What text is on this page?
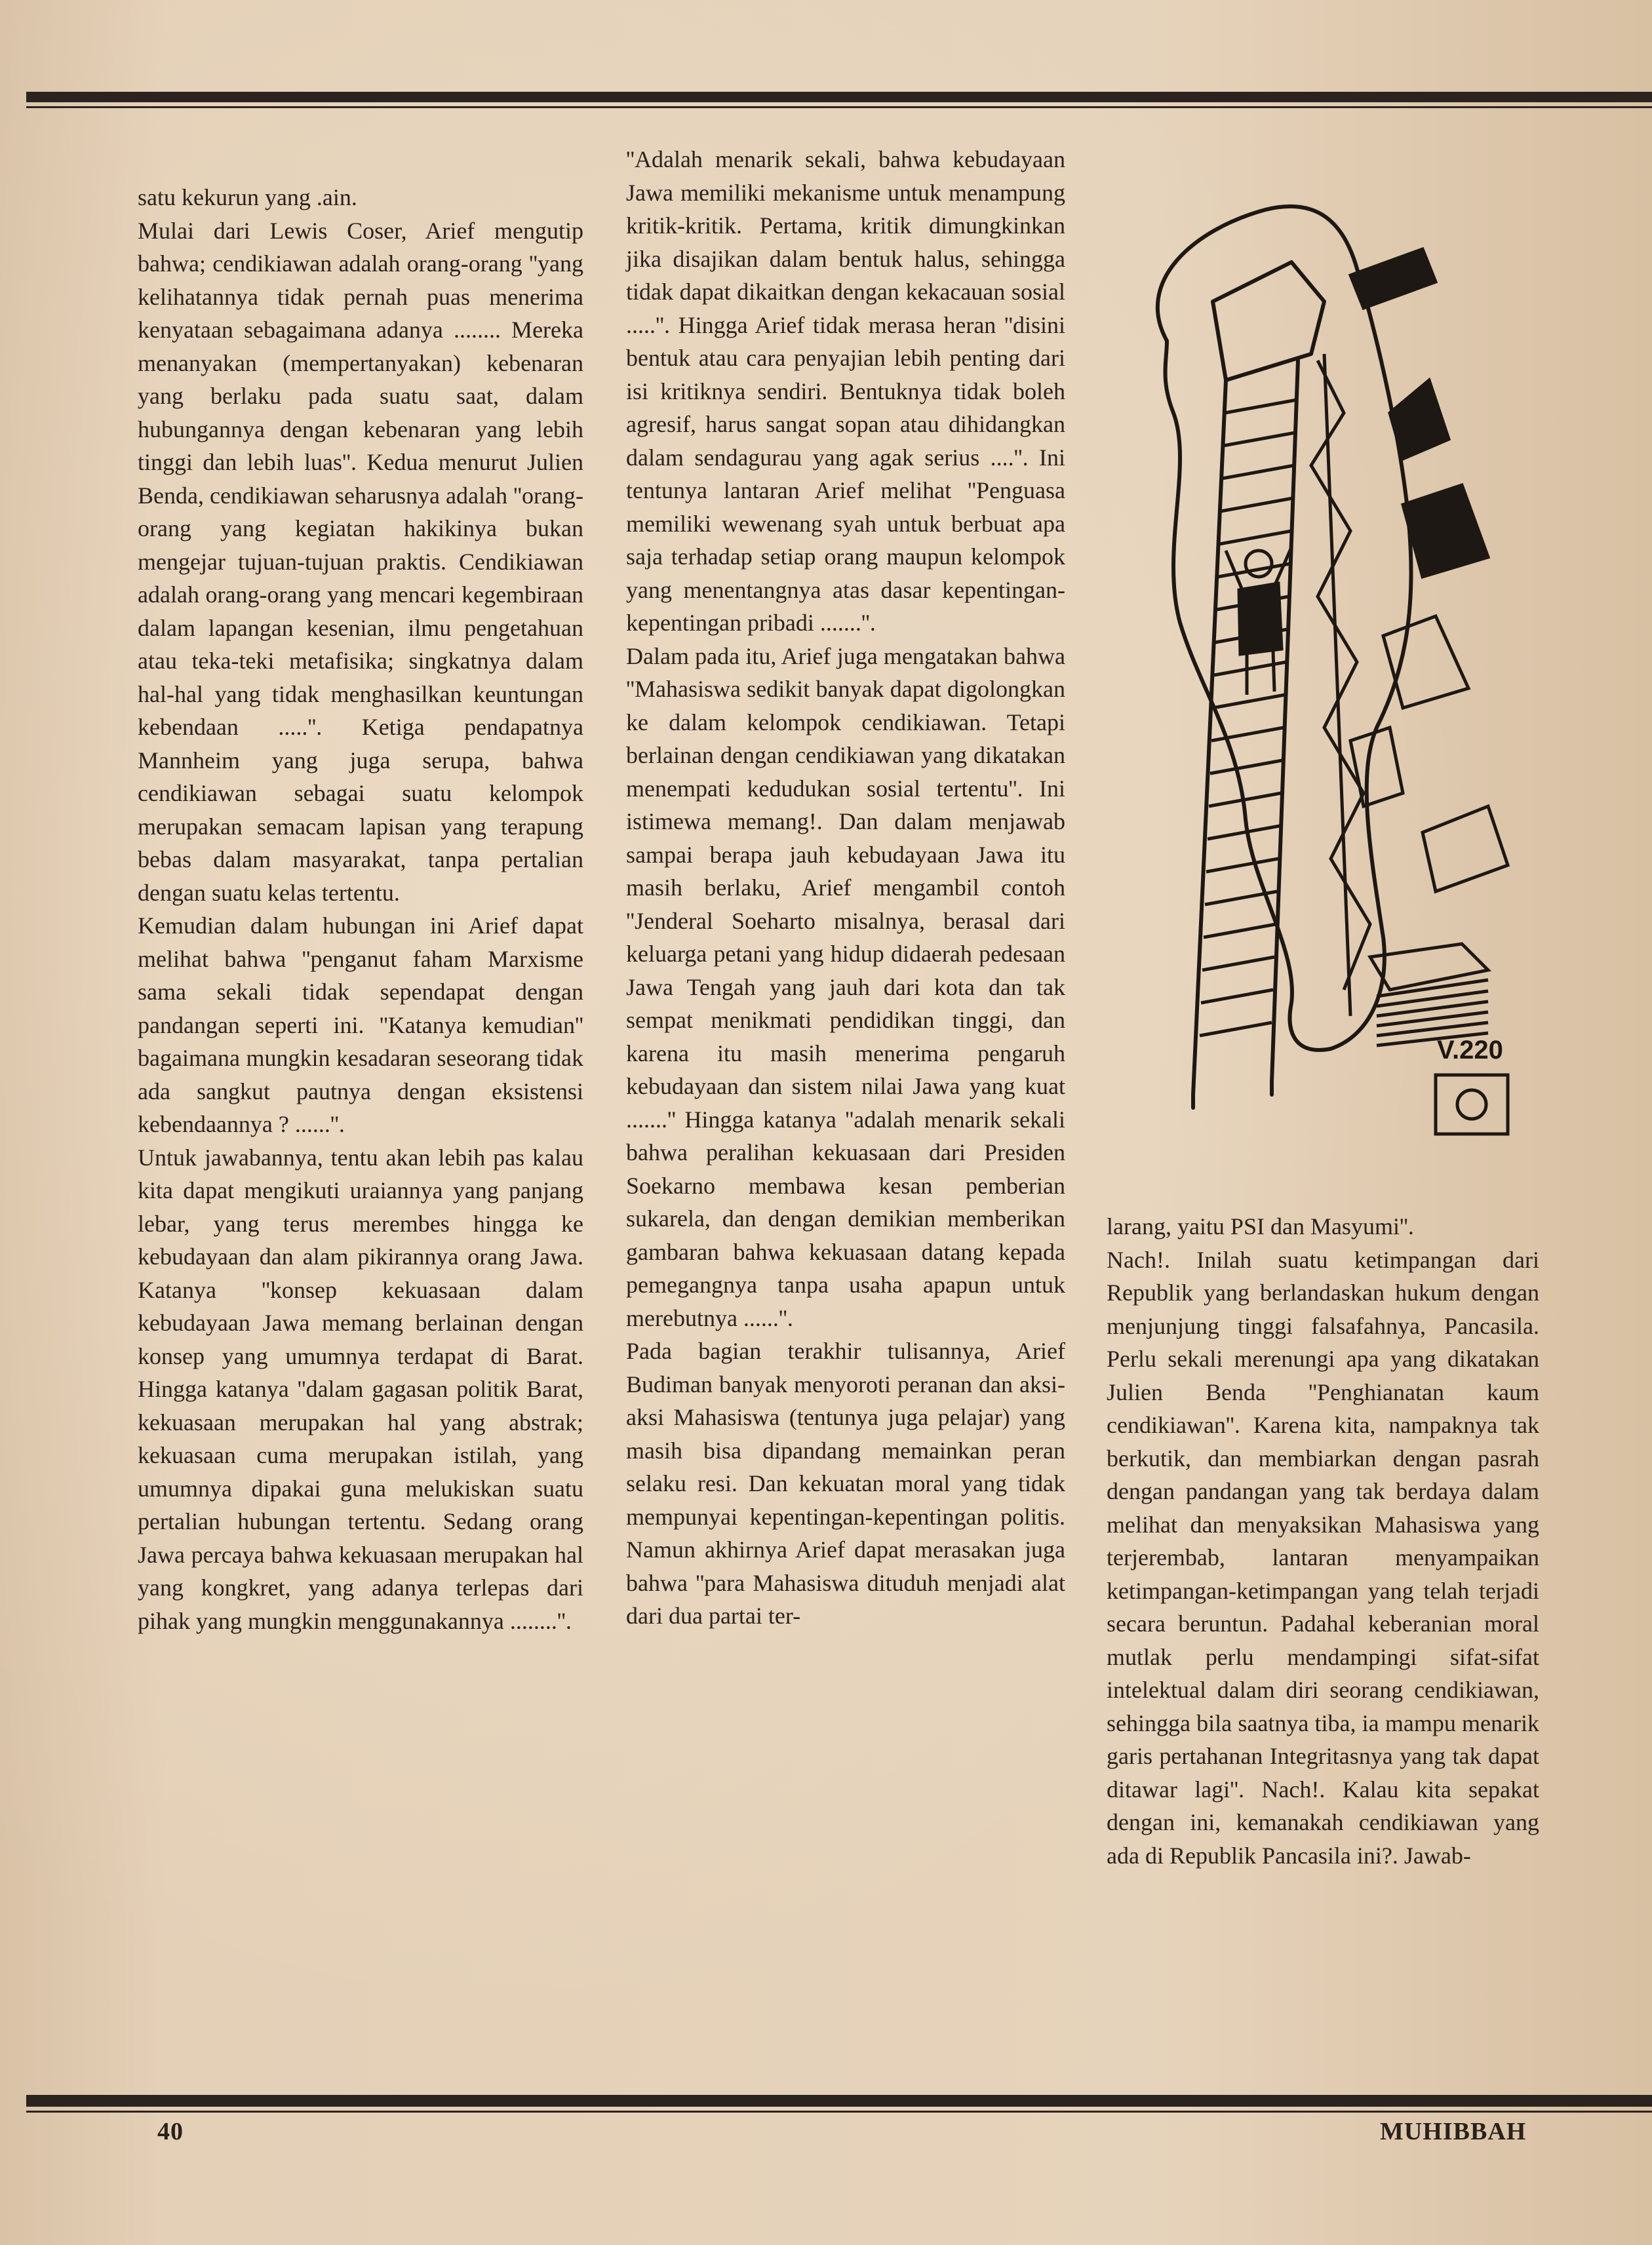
satu kekurun yang .ain.

Mulai dari Lewis Coser, Arief mengutip bahwa; cendikiawan adalah orang-orang ''yang kelihatannya tidak pernah puas menerima kenyataan sebagaimana adanya ........ Mereka menanyakan (mempertanyakan) kebenaran yang berlaku pada suatu saat, dalam hubungannya dengan kebenaran yang lebih tinggi dan lebih luas''. Kedua menurut Julien Benda, cendikiawan seharusnya adalah ''orang-orang yang kegiatan hakikinya bukan mengejar tujuan-tujuan praktis. Cendikiawan adalah orang-orang yang mencari kegembiraan dalam lapangan kesenian, ilmu pengetahuan atau teka-teki metafisika; singkatnya dalam hal-hal yang tidak menghasilkan keuntungan kebendaan .....''. Ketiga pendapatnya Mannheim yang juga serupa, bahwa cendikiawan sebagai suatu kelompok merupakan semacam lapisan yang terapung bebas dalam masyarakat, tanpa pertalian dengan suatu kelas tertentu.

Kemudian dalam hubungan ini Arief dapat melihat bahwa ''penganut faham Marxisme sama sekali tidak sependapat dengan pandangan seperti ini. ''Katanya kemudian'' bagaimana mungkin kesadaran seseorang tidak ada sangkut pautnya dengan eksistensi kebendaannya ? ......''.

Untuk jawabannya, tentu akan lebih pas kalau kita dapat mengikuti uraiannya yang panjang lebar, yang terus merembes hingga ke kebudayaan dan alam pikirannya orang Jawa. Katanya ''konsep kekuasaan dalam kebudayaan Jawa memang berlainan dengan konsep yang umumnya terdapat di Barat. Hingga katanya ''dalam gagasan politik Barat, kekuasaan merupakan hal yang abstrak; kekuasaan cuma merupakan istilah, yang umumnya dipakai guna melukiskan suatu pertalian hubungan tertentu. Sedang orang Jawa percaya bahwa kekuasaan merupakan hal yang kongkret, yang adanya terlepas dari pihak yang mungkin menggunakannya ........''.

''Adalah menarik sekali, bahwa kebudayaan Jawa memiliki mekanisme untuk menampung kritik-kritik. Pertama, kritik dimungkinkan jika disajikan dalam bentuk halus, sehingga tidak dapat dikaitkan dengan kekacauan sosial .....''. Hingga Arief tidak merasa heran ''disini bentuk atau cara penyajian lebih penting dari isi kritiknya sendiri. Bentuknya tidak boleh agresif, harus sangat sopan atau dihidangkan dalam sendagurau yang agak serius ....''. Ini tentunya lantaran Arief melihat ''Penguasa memiliki wewenang syah untuk berbuat apa saja terhadap setiap orang maupun kelompok yang menentangnya atas dasar kepentingan-kepentingan pribadi .......''.

Dalam pada itu, Arief juga mengatakan bahwa ''Mahasiswa sedikit banyak dapat digolongkan ke dalam kelompok cendikiawan. Tetapi berlainan dengan cendikiawan yang dikatakan menempati kedudukan sosial tertentu''. Ini istimewa memang!. Dan dalam menjawab sampai berapa jauh kebudayaan Jawa itu masih berlaku, Arief mengambil contoh ''Jenderal Soeharto misalnya, berasal dari keluarga petani yang hidup didaerah pedesaan Jawa Tengah yang jauh dari kota dan tak sempat menikmati pendidikan tinggi, dan karena itu masih menerima pengaruh kebudayaan dan sistem nilai Jawa yang kuat .......'' Hingga katanya ''adalah menarik sekali bahwa peralihan kekuasaan dari Presiden Soekarno membawa kesan pemberian sukarela, dan dengan demikian memberikan gambaran bahwa kekuasaan datang kepada pemegangnya tanpa usaha apapun untuk merebutnya ......''.

Pada bagian terakhir tulisannya, Arief Budiman banyak menyoroti peranan dan aksi-aksi Mahasiswa (tentunya juga pelajar) yang masih bisa dipandang memainkan peran selaku resi. Dan kekuatan moral yang tidak mempunyai kepentingan-kepentingan politis. Namun akhirnya Arief dapat merasakan juga bahwa ''para Mahasiswa dituduh menjadi alat dari dua partai ter-

V.220

larang, yaitu PSI dan Masyumi''.

Nach!. Inilah suatu ketimpangan dari Republik yang berlandaskan hukum dengan menjunjung tinggi falsafahnya, Pancasila. Perlu sekali merenungi apa yang dikatakan Julien Benda ''Penghianatan kaum cendikiawan''. Karena kita, nampaknya tak berkutik, dan membiarkan dengan pasrah dengan pandangan yang tak berdaya dalam melihat dan menyaksikan Mahasiswa yang terjerembab, lantaran menyampaikan ketimpangan-ketimpangan yang telah terjadi secara beruntun. Padahal keberanian moral mutlak perlu mendampingi sifat-sifat intelektual dalam diri seorang cendikiawan, sehingga bila saatnya tiba, ia mampu menarik garis pertahanan Integritasnya yang tak dapat ditawar lagi''. Nach!. Kalau kita sepakat dengan ini, kemanakah cendikiawan yang ada di Republik Pancasila ini?. Jawab-

40	MUHIBBAH
